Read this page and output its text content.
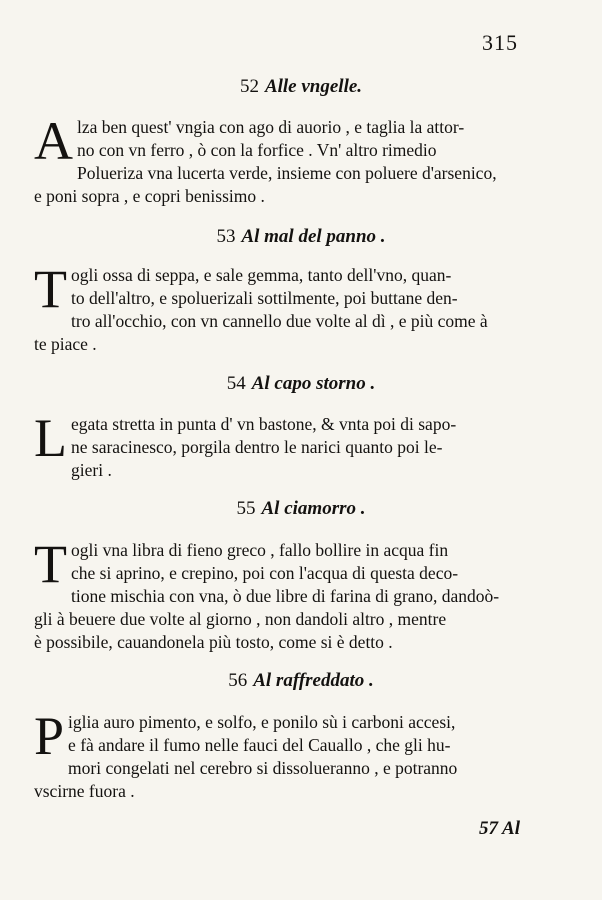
315
52 Alle vngelle.
A lza ben quest' vngia con ago di auorio , e taglia la attor-
no con vn ferro , ò con la forfice . Vn' altro rimedio
Polueriza vna lucerta verde, insieme con poluere d'arsenico,
e poni sopra , e copri benissimo .
53 Al mal del panno .
T ogli ossa di seppa, e sale gemma, tanto dell'vno, quan-
to dell'altro, e spoluerizali sottilmente, poi buttane den-
tro all'occhio, con vn cannello due volte al dì , e più come à
te piace .
54 Al capo storno .
L egata stretta in punta d' vn bastone, & vnta poi di sapo-
ne saracinesco, porgila dentro le narici quanto poi le-
gieri .
55 Al ciamorro .
T ogli vna libra di fieno greco , fallo bollire in acqua fin
che si aprino, e crepino, poi con l'acqua di questa deco-
tione mischia con vna, ò due libre di farina di grano, dandoò-
gli à beuere due volte al giorno , non dandoli altro , mentre
è possibile, cauandonela più tosto, come si è detto .
56 Al raffreddato .
P iglia auro pimento, e solfo, e ponilo sù i carboni accesi,
e fà andare il fumo nelle fauci del Cauallo , che gli hu-
mori congelati nel cerebro si dissolueranno , e potranno
vscirne fuora .
57 Al
